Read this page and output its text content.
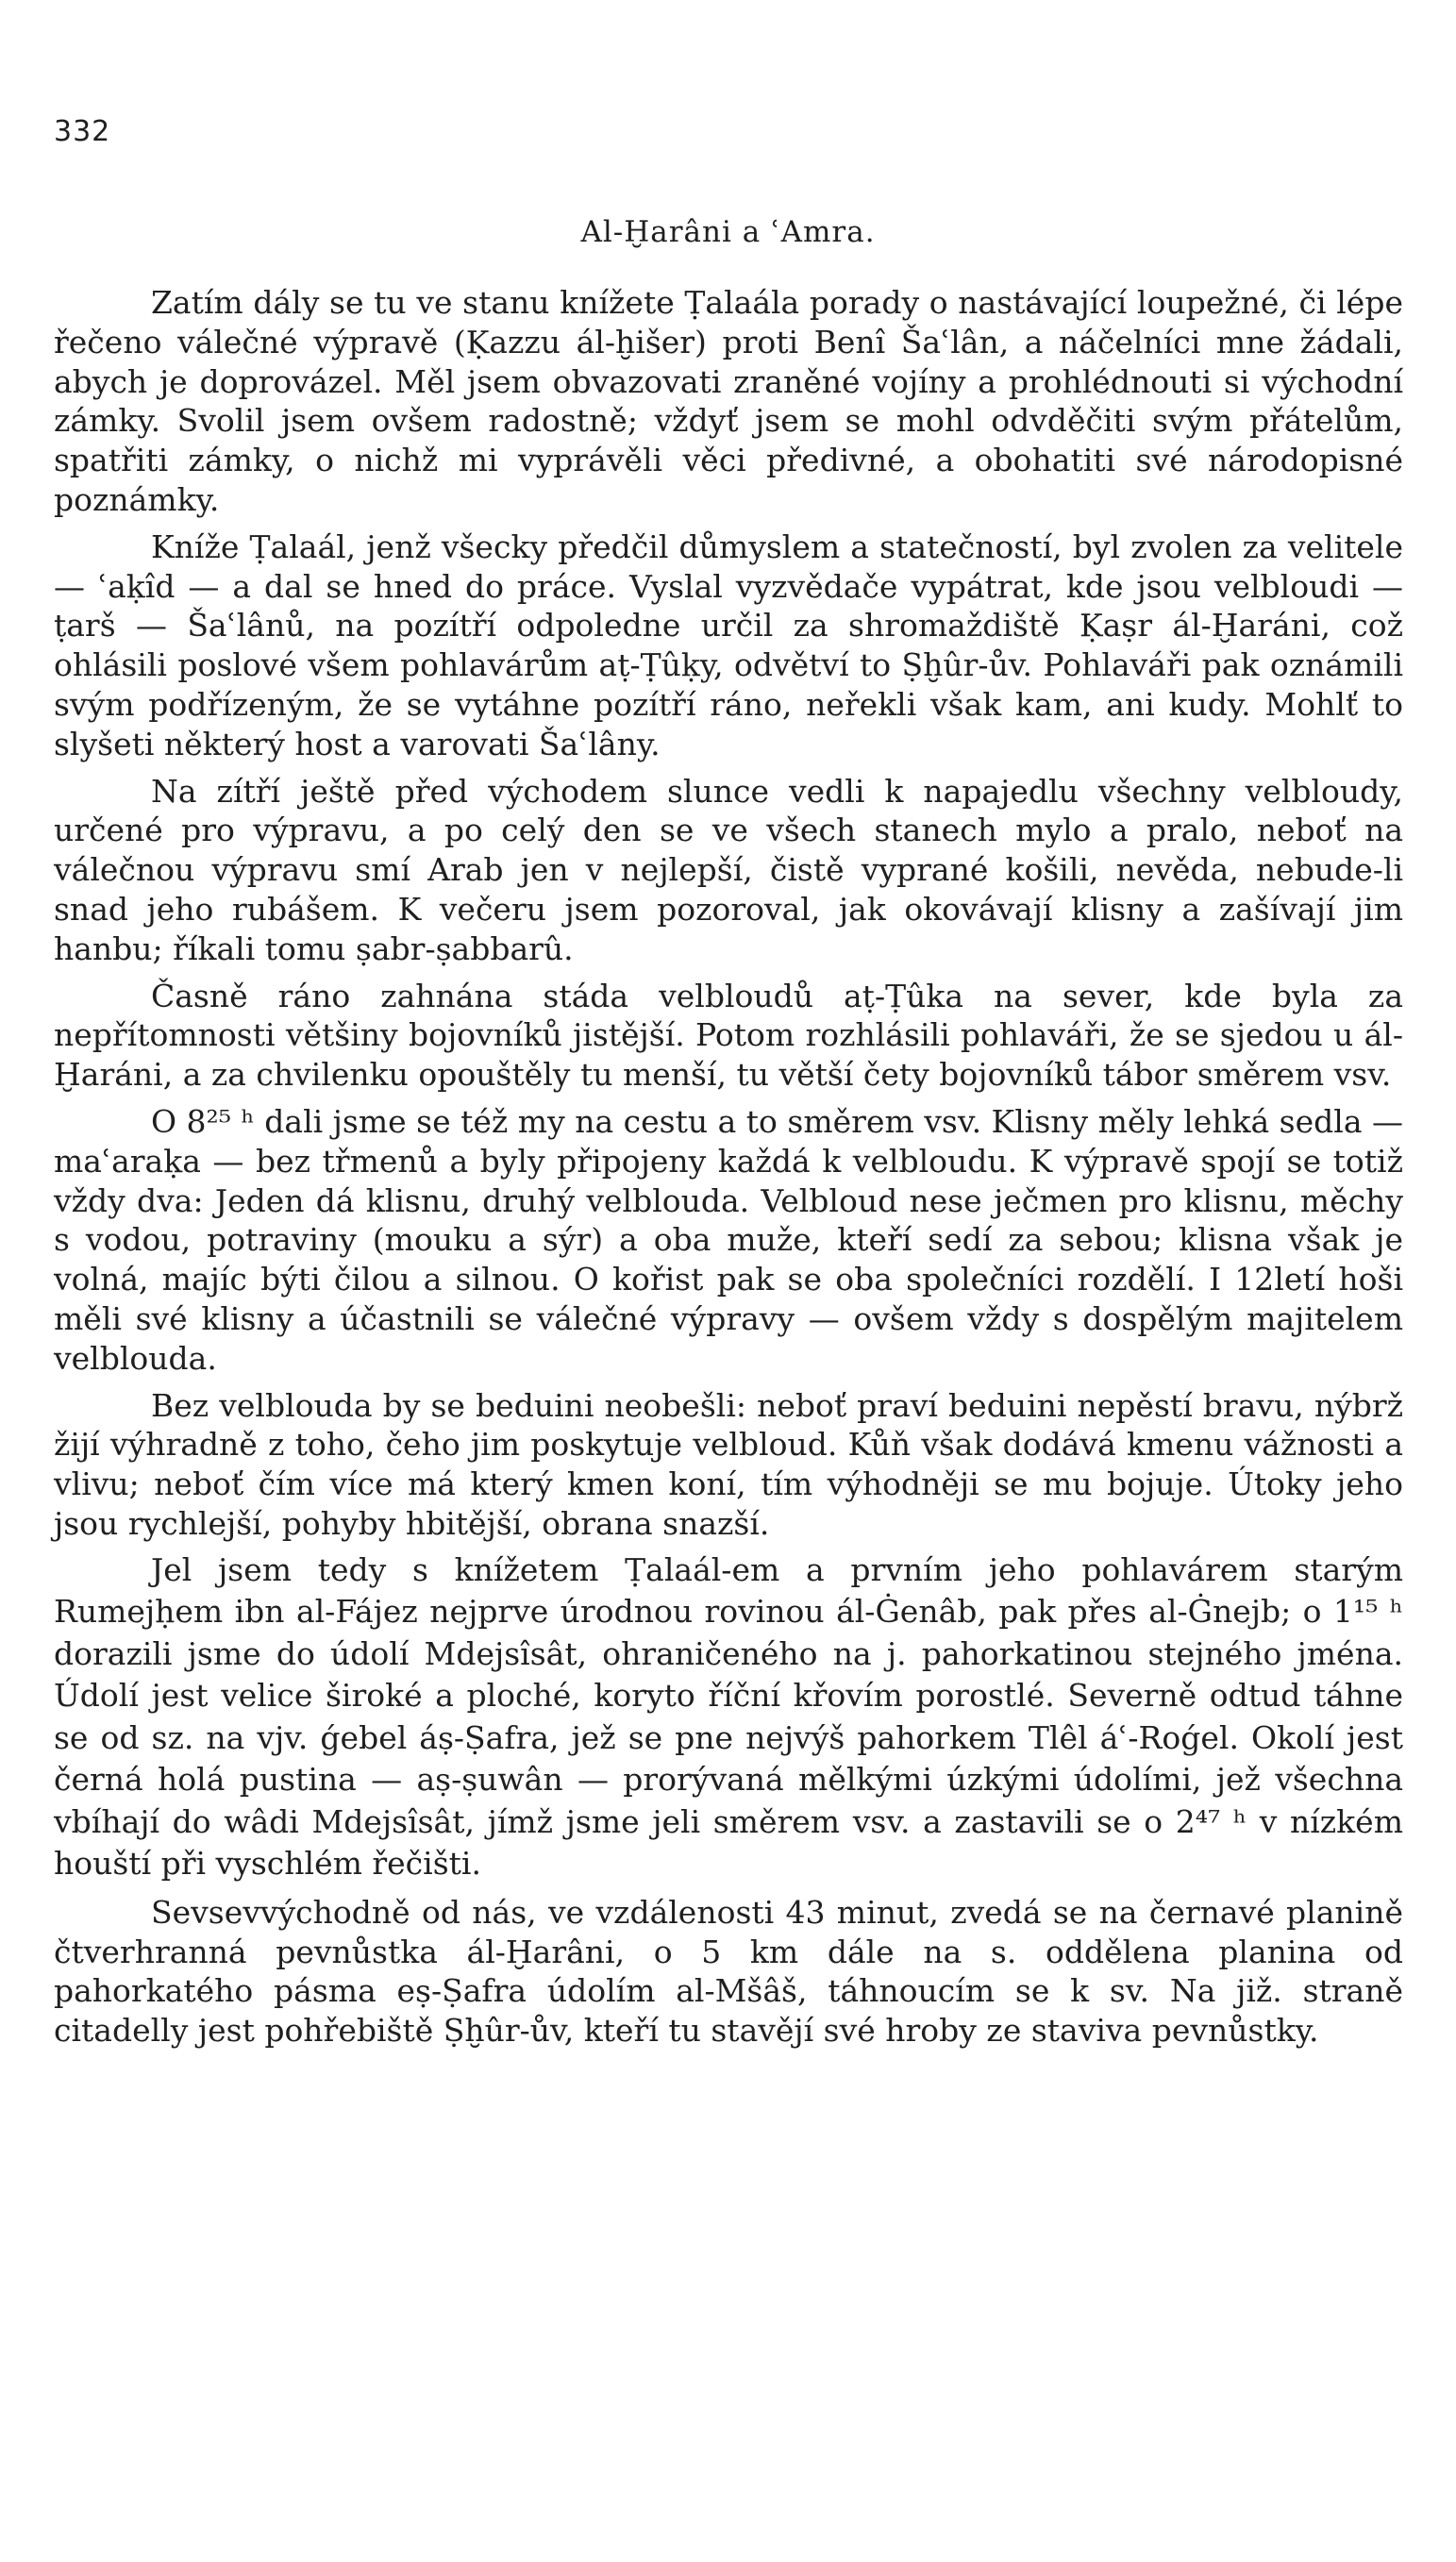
332
Al-Ḫarâni a ʿAmra.

Zatím dály se tu ve stanu knížete Ṭalaála porady o nastávající loupežné, či lépe řečeno válečné výpravě (Ḳazzu ál-ḫišer) proti Benî Šaʿlân, a náčelníci mne žádali, abych je doprovázel. Měl jsem obvazovati zraněné vojíny a prohlédnouti si východní zámky. Svolil jsem ovšem radostně; vždyť jsem se mohl odvděčiti svým přátelům, spatřiti zámky, o nichž mi vyprávěli věci předivné, a obohatiti své národopisné poznámky.

Kníže Ṭalaál, jenž všecky předčil důmyslem a statečností, byl zvolen za velitele — ʿaḳîd — a dal se hned do práce. Vyslal vyzvědače vypátrat, kde jsou velbloudi — ṭarš — Šaʿlânů, na pozítří odpoledne určil za shromaždiště Ḳaṣr ál-Ḫaráni, což ohlásili poslové všem pohlavárům aṭ-Ṭûḳy, odvětví to Ṣḫûr-ův. Pohlaváři pak oznámili svým podřízeným, že se vytáhne pozítří ráno, neřekli však kam, ani kudy. Mohlť to slyšeti některý host a varovati Šaʿlâny.

Na zítří ještě před východem slunce vedli k napajedlu všechny velbloudy, určené pro výpravu, a po celý den se ve všech stanech mylo a pralo, neboť na válečnou výpravu smí Arab jen v nejlepší, čistě vyprané košili, nevěda, nebude-li snad jeho rubášem. K večeru jsem pozoroval, jak okovávají klisny a zašívají jim hanbu; říkali tomu ṣabr-ṣabbarû.

Časně ráno zahnána stáda velbloudů aṭ-Ṭûka na sever, kde byla za nepřítomnosti většiny bojovníků jistější. Potom rozhlásili pohlaváři, že se sjedou u ál-Ḫaráni, a za chvilenku opouštěly tu menší, tu větší čety bojovníků tábor směrem vsv.

O 8²⁵ ʰ dali jsme se též my na cestu a to směrem vsv. Klisny měly lehká sedla — maʿaraḳa — bez třmenů a byly připojeny každá k velbloudu. K výpravě spojí se totiž vždy dva: Jeden dá klisnu, druhý velblouda. Velbloud nese ječmen pro klisnu, měchy s vodou, potraviny (mouku a sýr) a oba muže, kteří sedí za sebou; klisna však je volná, majíc býti čilou a silnou. O kořist pak se oba společníci rozdělí. I 12letí hoši měli své klisny a účastnili se válečné výpravy — ovšem vždy s dospělým majitelem velblouda.

Bez velblouda by se beduini neobešli: neboť praví beduini nepěstí bravu, nýbrž žijí výhradně z toho, čeho jim poskytuje velbloud. Kůň však dodává kmenu vážnosti a vlivu; neboť čím více má který kmen koní, tím výhodněji se mu bojuje. Útoky jeho jsou rychlejší, pohyby hbitější, obrana snazší.

Jel jsem tedy s knížetem Ṭalaál-em a prvním jeho pohlavárem starým Rumejḥem ibn al-Fájez nejprve úrodnou rovinou ál-Ġenâb, pak přes al-Ġnejb; o 1¹⁵ ʰ dorazili jsme do údolí Mdejsîsât, ohraničeného na j. pahorkatinou stejného jména. Údolí jest velice široké a ploché, koryto říční křovím porostlé. Severně odtud táhne se od sz. na vjv. ǵebel áṣ-Ṣafra, jež se pne nejvýš pahorkem Tlêl áʿ-Roǵel. Okolí jest černá holá pustina — aṣ-ṣuwân — prorývaná mělkými úzkými údolími, jež všechna vbíhají do wâdi Mdejsîsât, jímž jsme jeli směrem vsv. a zastavili se o 2⁴⁷ ʰ v nízkém houští při vyschlém řečišti.

Sevsevvýchodně od nás, ve vzdálenosti 43 minut, zvedá se na černavé planině čtverhranná pevnůstka ál-Ḫarâni, o 5 km dále na s. oddělena planina od pahorkatého pásma eṣ-Ṣafra údolím al-Mšâš, táhnoucím se k sv. Na již. straně citadelly jest pohřebiště Ṣḫûr-ův, kteří tu stavějí své hroby ze staviva pevnůstky.
